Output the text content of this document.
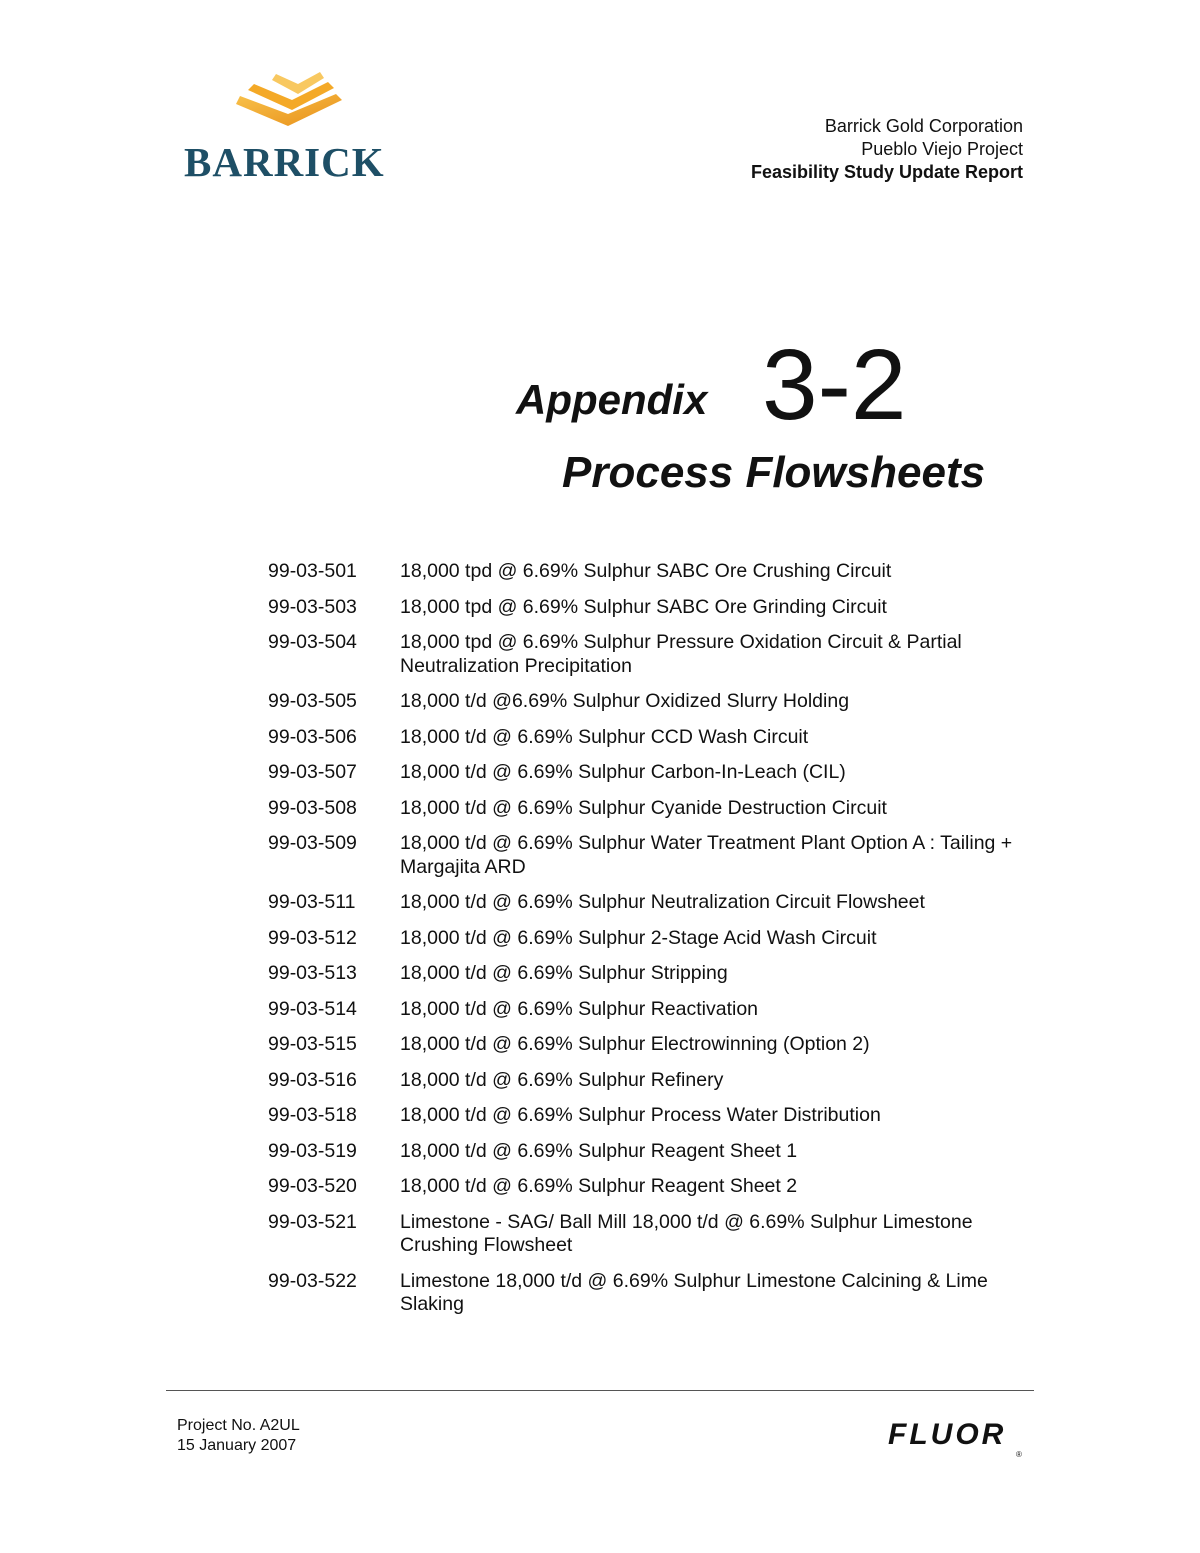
BARRICK
Barrick Gold Corporation
Pueblo Viejo Project
Feasibility Study Update Report
Appendix 3-2
Process Flowsheets
99-03-501	18,000 tpd @ 6.69% Sulphur SABC Ore Crushing Circuit
99-03-503	18,000 tpd @ 6.69% Sulphur SABC Ore Grinding Circuit
99-03-504	18,000 tpd @ 6.69% Sulphur Pressure Oxidation Circuit & Partial Neutralization Precipitation
99-03-505	18,000 t/d @6.69% Sulphur Oxidized Slurry Holding
99-03-506	18,000 t/d @ 6.69% Sulphur CCD Wash Circuit
99-03-507	18,000 t/d @ 6.69% Sulphur Carbon-In-Leach (CIL)
99-03-508	18,000 t/d @ 6.69% Sulphur Cyanide Destruction Circuit
99-03-509	18,000 t/d @ 6.69% Sulphur Water Treatment Plant Option A : Tailing + Margajita ARD
99-03-511	18,000 t/d @ 6.69% Sulphur Neutralization Circuit Flowsheet
99-03-512	18,000 t/d @ 6.69% Sulphur 2-Stage Acid Wash Circuit
99-03-513	18,000 t/d @ 6.69% Sulphur Stripping
99-03-514	18,000 t/d @ 6.69% Sulphur Reactivation
99-03-515	18,000 t/d @ 6.69% Sulphur Electrowinning (Option 2)
99-03-516	18,000 t/d @ 6.69% Sulphur Refinery
99-03-518	18,000 t/d @ 6.69% Sulphur Process Water Distribution
99-03-519	18,000 t/d @ 6.69% Sulphur Reagent Sheet 1
99-03-520	18,000 t/d @ 6.69% Sulphur Reagent Sheet 2
99-03-521	Limestone - SAG/ Ball Mill 18,000 t/d @ 6.69% Sulphur Limestone Crushing Flowsheet
99-03-522	Limestone 18,000 t/d @ 6.69% Sulphur Limestone Calcining & Lime Slaking
Project No. A2UL
15 January 2007	FLUOR
®
